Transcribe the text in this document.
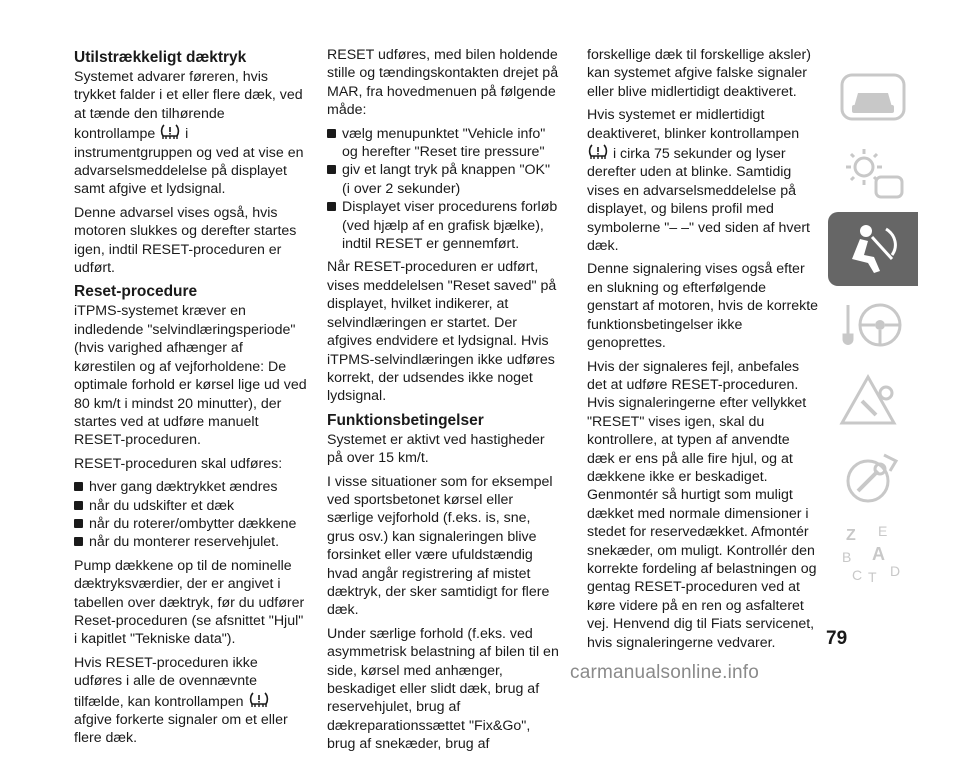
Utilstrækkeligt dæktryk

Systemet advarer føreren, hvis trykket falder i et eller flere dæk, ved at tænde den tilhørende kontrollampe i instrumentgruppen og ved at vise en advarselsmeddelelse på displayet samt afgive et lydsignal.

Denne advarsel vises også, hvis motoren slukkes og derefter startes igen, indtil RESET-proceduren er udført.

Reset-procedure

iTPMS-systemet kræver en indledende "selvindlæringsperiode" (hvis varighed afhænger af kørestilen og af vejforholdene: De optimale forhold er kørsel lige ud ved 80 km/t i mindst 20 minutter), der startes ved at udføre manuelt RESET-proceduren.

RESET-proceduren skal udføres:

hver gang dæktrykket ændres
når du udskifter et dæk
når du roterer/ombytter dækkene
når du monterer reservehjulet.

Pump dækkene op til de nominelle dæktryksværdier, der er angivet i tabellen over dæktryk, før du udfører Reset-proceduren (se afsnittet "Hjul" i kapitlet "Tekniske data").

Hvis RESET-proceduren ikke udføres i alle de ovennævnte tilfælde, kan kontrollampen  afgive forkerte signaler om et eller flere dæk.

RESET udføres, med bilen holdende stille og tændingskontakten drejet på MAR, fra hovedmenuen på følgende måde:

vælg menupunktet "Vehicle info" og herefter "Reset tire pressure"
giv et langt tryk på knappen "OK" (i over 2 sekunder)
Displayet viser procedurens forløb (ved hjælp af en grafisk bjælke), indtil RESET er gennemført.

Når RESET-proceduren er udført, vises meddelelsen "Reset saved" på displayet, hvilket indikerer, at selvindlæringen er startet. Der afgives endvidere et lydsignal. Hvis iTPMS-selvindlæringen ikke udføres korrekt, der udsendes ikke noget lydsignal.

Funktionsbetingelser

Systemet er aktivt ved hastigheder på over 15 km/t.

I visse situationer som for eksempel ved sportsbetonet kørsel eller særlige vejforhold (f.eks. is, sne, grus osv.) kan signaleringen blive forsinket eller være ufuldstændig hvad angår registrering af mistet dæktryk, der sker samtidigt for flere dæk.

Under særlige forhold (f.eks. ved asymmetrisk belastning af bilen til en side, kørsel med anhænger, beskadiget eller slidt dæk, brug af reservehjulet, brug af dækreparationssættet "Fix&Go", brug af snekæder, brug af

forskellige dæk til forskellige aksler) kan systemet afgive falske signaler eller blive midlertidigt deaktiveret.

Hvis systemet er midlertidigt deaktiveret, blinker kontrollampen  i cirka 75 sekunder og lyser derefter uden at blinke. Samtidig vises en advarselsmeddelelse på displayet, og bilens profil med symbolerne "– –" ved siden af hvert dæk.

Denne signalering vises også efter en slukning og efterfølgende genstart af motoren, hvis de korrekte funktionsbetingelser ikke genoprettes.

Hvis der signaleres fejl, anbefales det at udføre RESET-proceduren. Hvis signaleringerne efter vellykket "RESET" vises igen, skal du kontrollere, at typen af anvendte dæk er ens på alle fire hjul, og at dækkene ikke er beskadiget. Genmontér så hurtigt som muligt dækket med normale dimensioner i stedet for reservedækket. Afmontér snekæder, om muligt. Kontrollér den korrekte fordeling af belastningen og gentag RESET-proceduren ved at køre videre på en ren og asfalteret vej. Henvend dig til Fiats servicenet, hvis signaleringerne vedvarer.

Z E
B A
C T D
79
carmanualsonline.info
